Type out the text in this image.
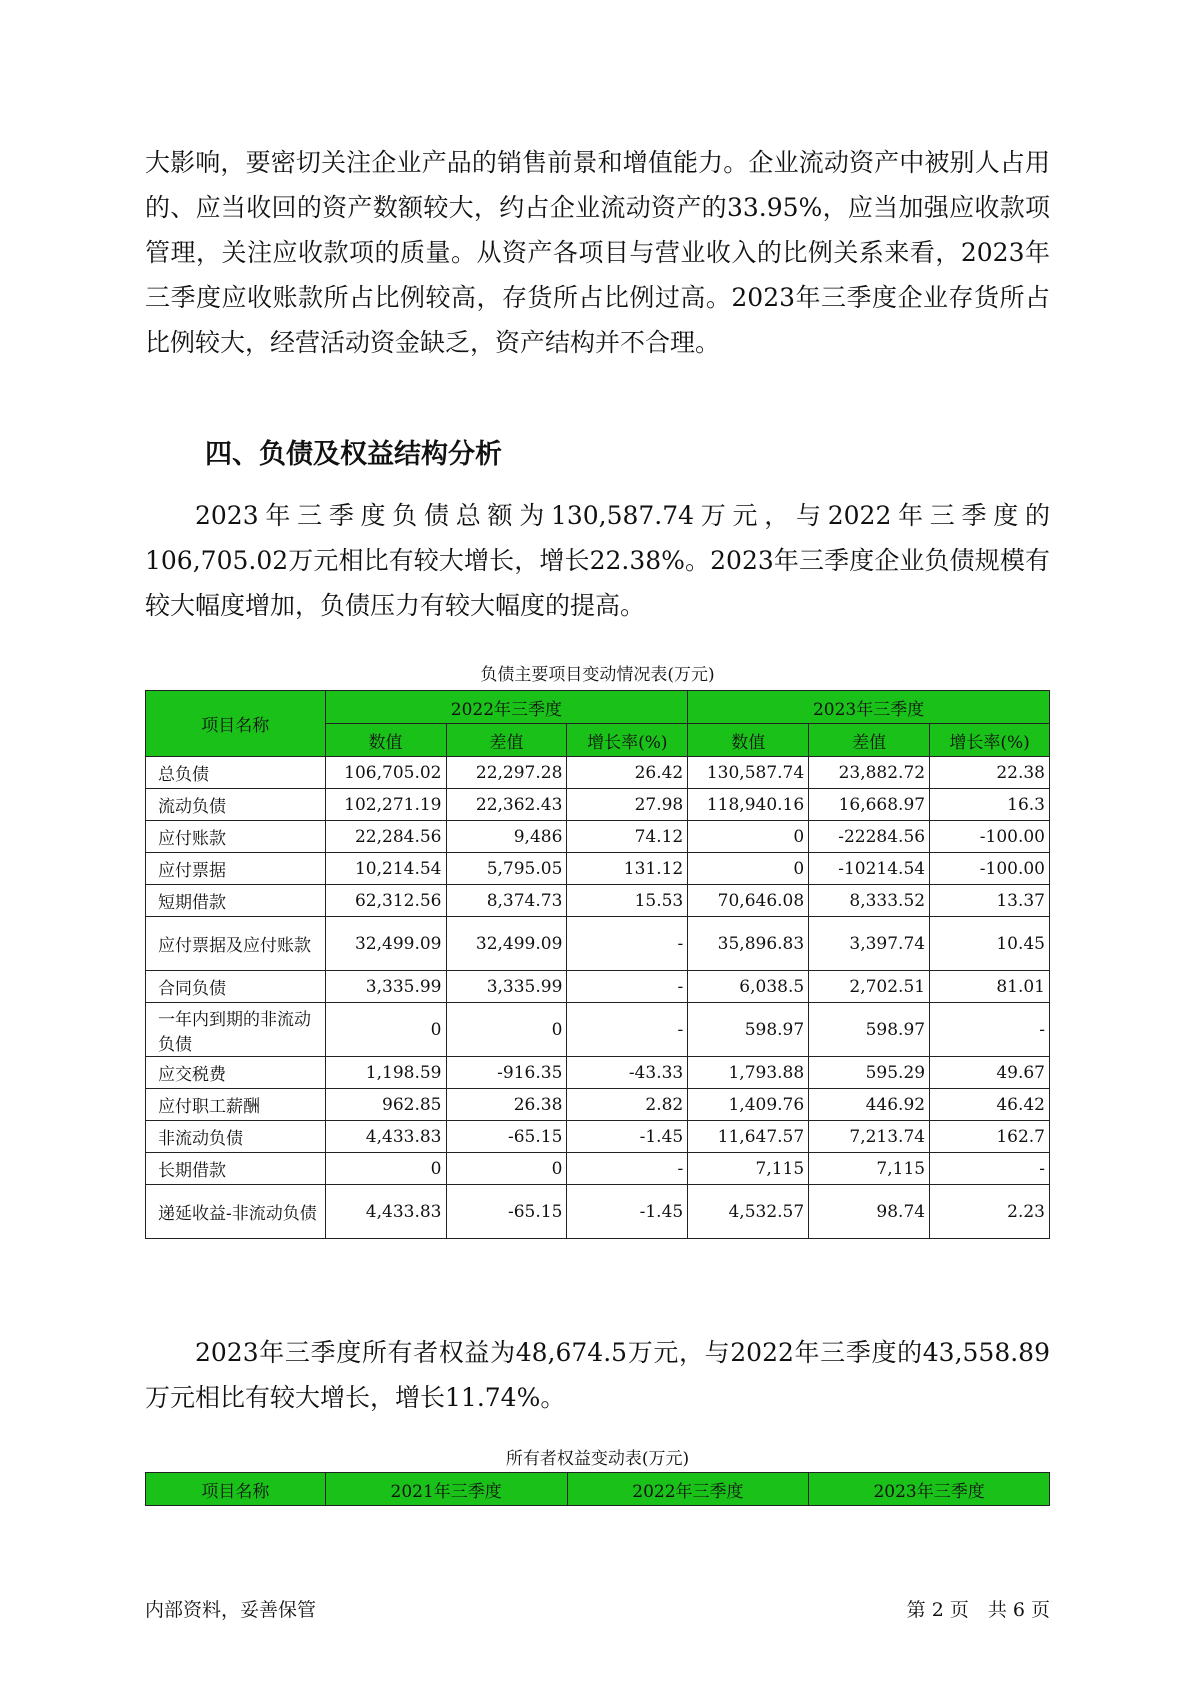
大影响，要密切关注企业产品的销售前景和增值能力。企业流动资产中被别人占用的、应当收回的资产数额较大，约占企业流动资产的33.95%，应当加强应收款项管理，关注应收款项的质量。从资产各项目与营业收入的比例关系来看，2023年三季度应收账款所占比例较高，存货所占比例过高。2023年三季度企业存货所占比例较大，经营活动资金缺乏，资产结构并不合理。

四、负债及权益结构分析

2023年三季度负债总额为130,587.74万元，与2022年三季度的106,705.02万元相比有较大增长，增长22.38%。2023年三季度企业负债规模有较大幅度增加，负债压力有较大幅度的提高。

负债主要项目变动情况表(万元)

项目名称	2022年三季度			2023年三季度		
	数值	差值	增长率(%)	数值	差值	增长率(%)
总负债	106,705.02	22,297.28	26.42	130,587.74	23,882.72	22.38
流动负债	102,271.19	22,362.43	27.98	118,940.16	16,668.97	16.3
应付账款	22,284.56	9,486	74.12	0	-22284.56	-100.00
应付票据	10,214.54	5,795.05	131.12	0	-10214.54	-100.00
短期借款	62,312.56	8,374.73	15.53	70,646.08	8,333.52	13.37
应付票据及应付账款	32,499.09	32,499.09	-	35,896.83	3,397.74	10.45
合同负债	3,335.99	3,335.99	-	6,038.5	2,702.51	81.01
一年内到期的非流动负债	0	0	-	598.97	598.97	-
应交税费	1,198.59	-916.35	-43.33	1,793.88	595.29	49.67
应付职工薪酬	962.85	26.38	2.82	1,409.76	446.92	46.42
非流动负债	4,433.83	-65.15	-1.45	11,647.57	7,213.74	162.7
长期借款	0	0	-	7,115	7,115	-
递延收益-非流动负债	4,433.83	-65.15	-1.45	4,532.57	98.74	2.23

2023年三季度所有者权益为48,674.5万元，与2022年三季度的43,558.89万元相比有较大增长，增长11.74%。

所有者权益变动表(万元)

项目名称	2021年三季度	2022年三季度	2023年三季度

内部资料，妥善保管	第 2 页　共 6 页
